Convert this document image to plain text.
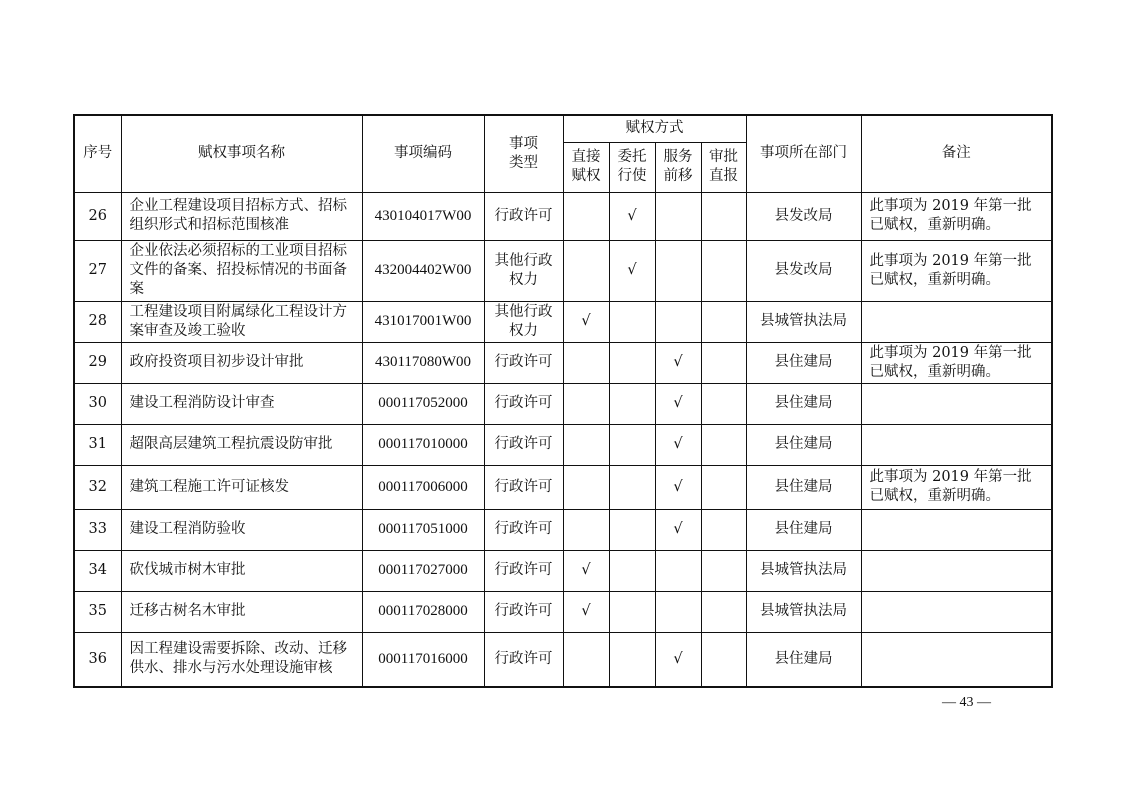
序号	赋权事项名称	事项编码	事项类型	赋权方式				事项所在部门	备注

				直接赋权	委托行使	服务前移	审批直报		

26	企业工程建设项目招标方式、招标组织形式和招标范围核准	430104017W00	行政许可		√			县发改局	此事项为 2019 年第一批已赋权，重新明确。

27	企业依法必须招标的工业项目招标文件的备案、招投标情况的书面备案	432004402W00	其他行政权力		√			县发改局	此事项为 2019 年第一批已赋权，重新明确。

28	工程建设项目附属绿化工程设计方案审查及竣工验收	431017001W00	其他行政权力	√				县城管执法局	

29	政府投资项目初步设计审批	430117080W00	行政许可			√		县住建局	此事项为 2019 年第一批已赋权，重新明确。

30	建设工程消防设计审查	000117052000	行政许可			√		县住建局	

31	超限高层建筑工程抗震设防审批	000117010000	行政许可			√		县住建局	

32	建筑工程施工许可证核发	000117006000	行政许可			√		县住建局	此事项为 2019 年第一批已赋权，重新明确。

33	建设工程消防验收	000117051000	行政许可			√		县住建局	

34	砍伐城市树木审批	000117027000	行政许可	√				县城管执法局	

35	迁移古树名木审批	000117028000	行政许可	√				县城管执法局	

36	因工程建设需要拆除、改动、迁移供水、排水与污水处理设施审核	000117016000	行政许可			√		县住建局	
— 43 —
